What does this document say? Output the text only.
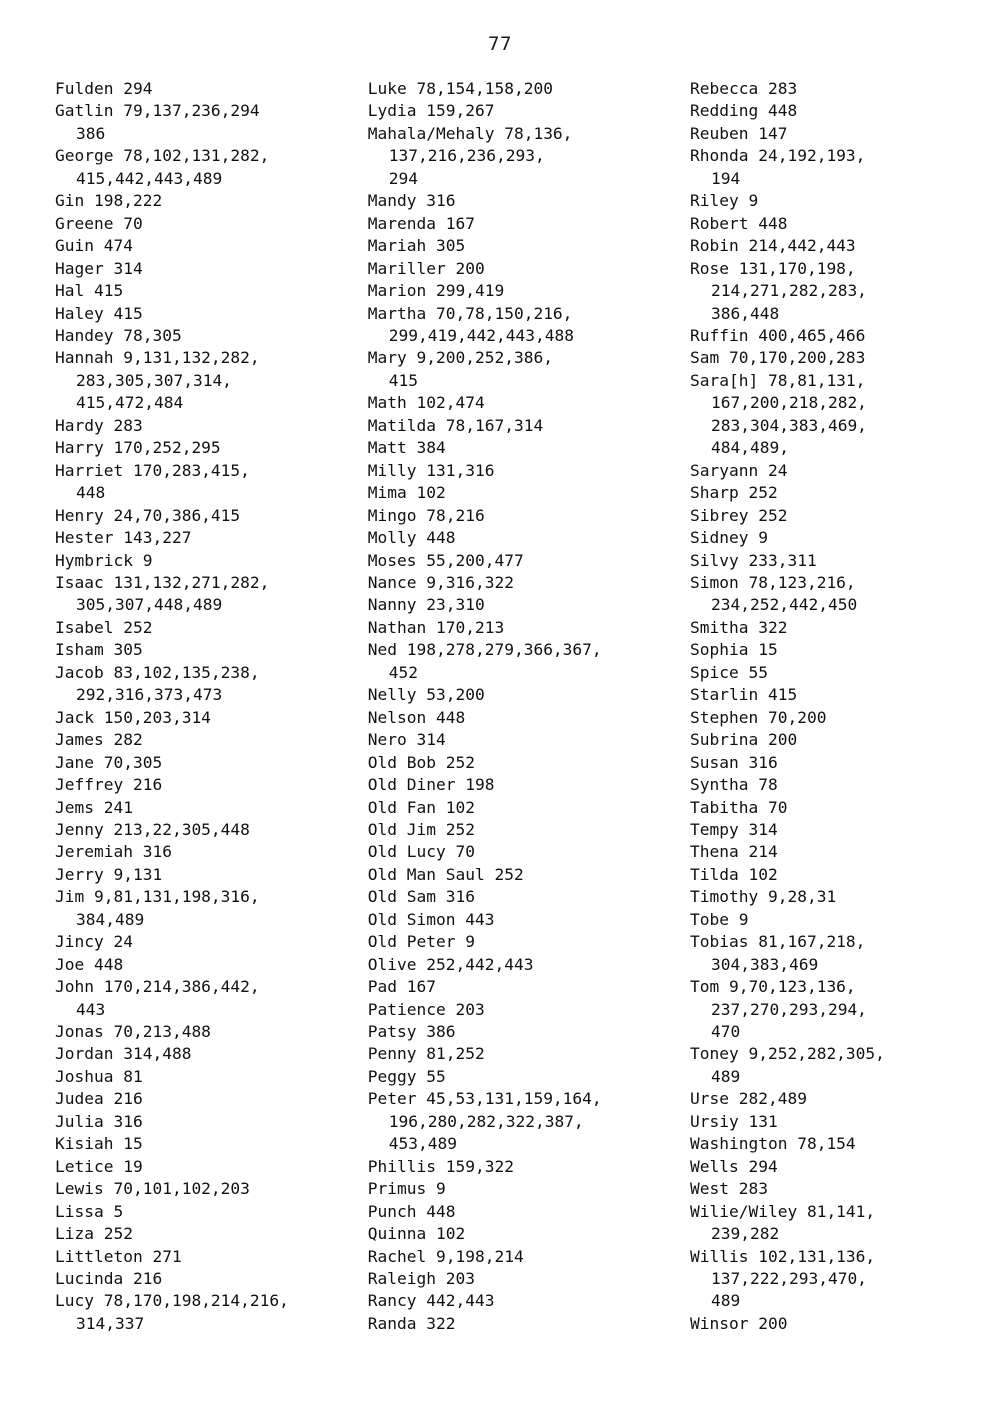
77
Fulden 294
Gatlin 79,137,236,294
386
George 78,102,131,282,
415,442,443,489
Gin 198,222
Greene 70
Guin 474
Hager 314
Hal 415
Haley 415
Handey 78,305
Hannah 9,131,132,282,
283,305,307,314,
415,472,484
Hardy 283
Harry 170,252,295
Harriet 170,283,415,
448
Henry 24,70,386,415
Hester 143,227
Hymbrick 9
Isaac 131,132,271,282,
305,307,448,489
Isabel 252
Isham 305
Jacob 83,102,135,238,
292,316,373,473
Jack 150,203,314
James 282
Jane 70,305
Jeffrey 216
Jems 241
Jenny 213,22,305,448
Jeremiah 316
Jerry 9,131
Jim 9,81,131,198,316,
384,489
Jincy 24
Joe 448
John 170,214,386,442,
443
Jonas 70,213,488
Jordan 314,488
Joshua 81
Judea 216
Julia 316
Kisiah 15
Letice 19
Lewis 70,101,102,203
Lissa 5
Liza 252
Littleton 271
Lucinda 216
Lucy 78,170,198,214,216,
314,337
Luke 78,154,158,200
Lydia 159,267
Mahala/Mehaly 78,136,
137,216,236,293,
294
Mandy 316
Marenda 167
Mariah 305
Mariller 200
Marion 299,419
Martha 70,78,150,216,
299,419,442,443,488
Mary 9,200,252,386,
415
Math 102,474
Matilda 78,167,314
Matt 384
Milly 131,316
Mima 102
Mingo 78,216
Molly 448
Moses 55,200,477
Nance 9,316,322
Nanny 23,310
Nathan 170,213
Ned 198,278,279,366,367,
452
Nelly 53,200
Nelson 448
Nero 314
Old Bob 252
Old Diner 198
Old Fan 102
Old Jim 252
Old Lucy 70
Old Man Saul 252
Old Sam 316
Old Simon 443
Old Peter 9
Olive 252,442,443
Pad 167
Patience 203
Patsy 386
Penny 81,252
Peggy 55
Peter 45,53,131,159,164,
196,280,282,322,387,
453,489
Phillis 159,322
Primus 9
Punch 448
Quinna 102
Rachel 9,198,214
Raleigh 203
Rancy 442,443
Randa 322
Rebecca 283
Redding 448
Reuben 147
Rhonda 24,192,193,
194
Riley 9
Robert 448
Robin 214,442,443
Rose 131,170,198,
214,271,282,283,
386,448
Ruffin 400,465,466
Sam 70,170,200,283
Sara[h] 78,81,131,
167,200,218,282,
283,304,383,469,
484,489,
Saryann 24
Sharp 252
Sibrey 252
Sidney 9
Silvy 233,311
Simon 78,123,216,
234,252,442,450
Smitha 322
Sophia 15
Spice 55
Starlin 415
Stephen 70,200
Subrina 200
Susan 316
Syntha 78
Tabitha 70
Tempy 314
Thena 214
Tilda 102
Timothy 9,28,31
Tobe 9
Tobias 81,167,218,
304,383,469
Tom 9,70,123,136,
237,270,293,294,
470
Toney 9,252,282,305,
489
Urse 282,489
Ursiy 131
Washington 78,154
Wells 294
West 283
Wilie/Wiley 81,141,
239,282
Willis 102,131,136,
137,222,293,470,
489
Winsor 200
